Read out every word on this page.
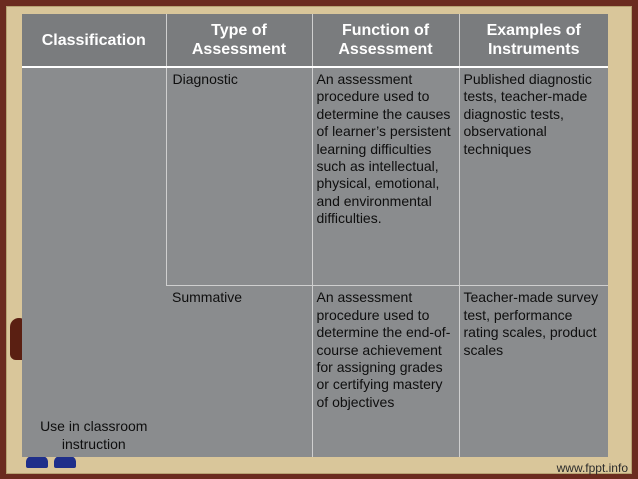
Classification	Type of Assessment	Function of Assessment	Examples of Instruments
Use in classroom instruction	Diagnostic	An assessment procedure used to determine the causes of learner’s persistent learning difficulties such as intellectual, physical, emotional, and environmental difficulties.	Published diagnostic tests, teacher-made diagnostic tests, observational techniques
	Summative	An assessment procedure used to determine the end-of-course achievement for assigning grades or certifying mastery of objectives	Teacher-made survey test, performance rating scales, product scales
www.fppt.info
